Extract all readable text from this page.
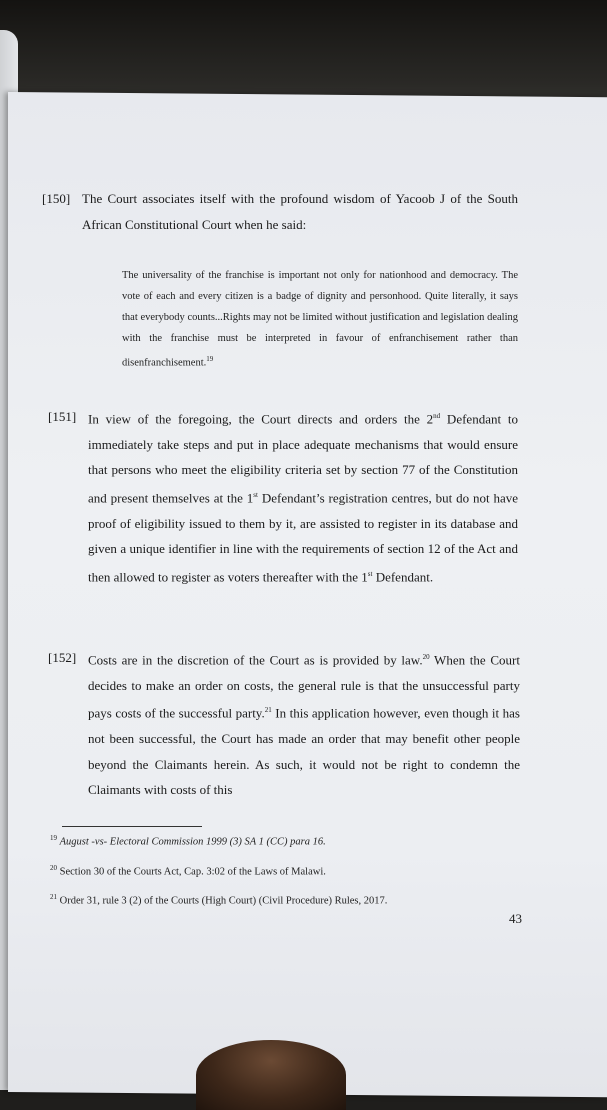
[150] The Court associates itself with the profound wisdom of Yacoob J of the South African Constitutional Court when he said:
The universality of the franchise is important not only for nationhood and democracy. The vote of each and every citizen is a badge of dignity and personhood. Quite literally, it says that everybody counts...Rights may not be limited without justification and legislation dealing with the franchise must be interpreted in favour of enfranchisement rather than disenfranchisement.$^{19}$
[151] In view of the foregoing, the Court directs and orders the 2nd Defendant to immediately take steps and put in place adequate mechanisms that would ensure that persons who meet the eligibility criteria set by section 77 of the Constitution and present themselves at the 1st Defendant’s registration centres, but do not have proof of eligibility issued to them by it, are assisted to register in its database and given a unique identifier in line with the requirements of section 12 of the Act and then allowed to register as voters thereafter with the 1st Defendant.
[152] Costs are in the discretion of the Court as is provided by law.$^{20}$ When the Court decides to make an order on costs, the general rule is that the unsuccessful party pays costs of the successful party.$^{21}$ In this application however, even though it has not been successful, the Court has made an order that may benefit other people beyond the Claimants herein. As such, it would not be right to condemn the Claimants with costs of this
$^{19}$ August -vs- Electoral Commission 1999 (3) SA 1 (CC) para 16.
$^{20}$ Section 30 of the Courts Act, Cap. 3:02 of the Laws of Malawi.
$^{21}$ Order 31, rule 3 (2) of the Courts (High Court) (Civil Procedure) Rules, 2017.
43
